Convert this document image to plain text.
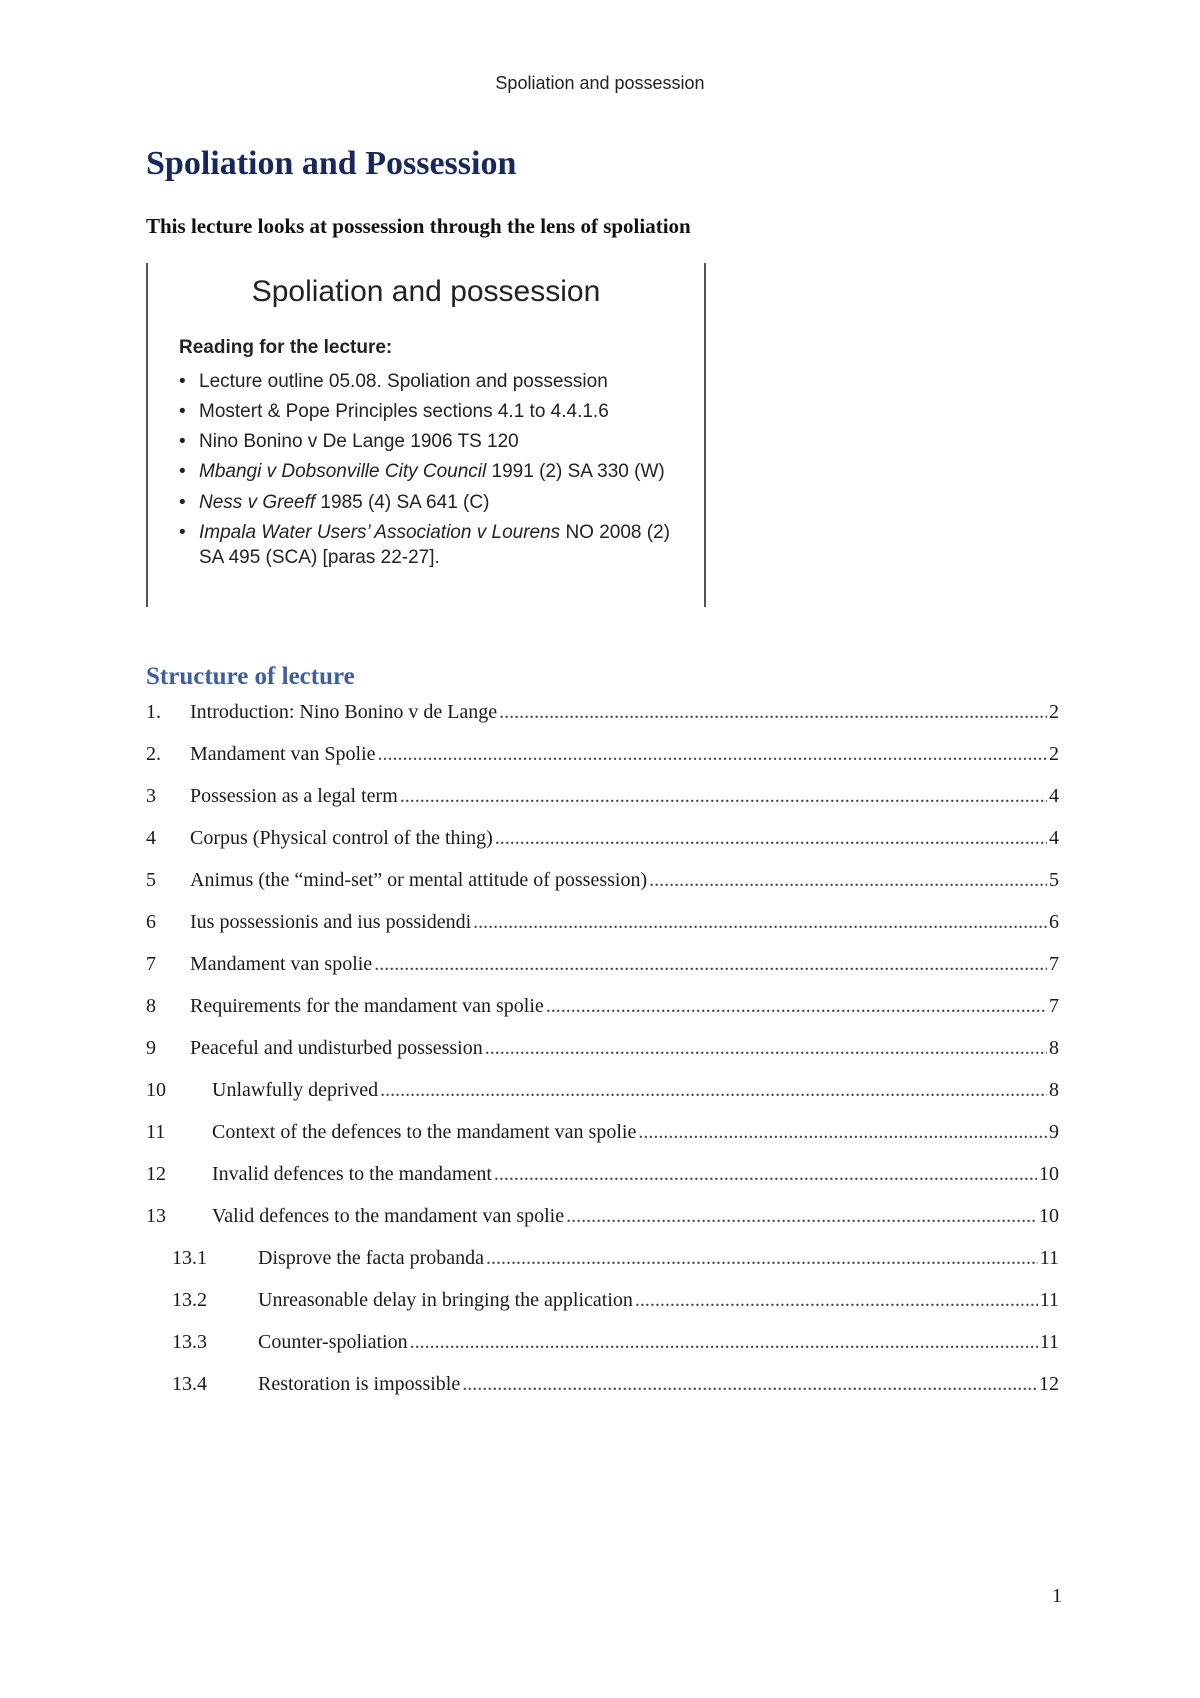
Spoliation and possession
Spoliation and Possession

This lecture looks at possession through the lens of spoliation

Spoliation and possession
Reading for the lecture:
• Lecture outline 05.08. Spoliation and possession
• Mostert & Pope Principles sections 4.1 to 4.4.1.6
• Nino Bonino v De Lange 1906 TS 120
• Mbangi v Dobsonville City Council 1991 (2) SA 330 (W)
• Ness v Greeff 1985 (4) SA 641 (C)
• Impala Water Users’ Association v Lourens NO 2008 (2) SA 495 (SCA) [paras 22-27].
Structure of lecture
1.	Introduction: Nino Bonino v de Lange .....	2
2.	Mandament van Spolie .....	2
3	Possession as a legal term .....	4
4	Corpus (Physical control of the thing) .....	4
5	Animus (the “mind-set” or mental attitude of possession) .....	5
6	Ius possessionis and ius possidendi .....	6
7	Mandament van spolie .....	7
8	Requirements for the mandament van spolie .....	7
9	Peaceful and undisturbed possession .....	8
10	Unlawfully deprived .....	8
11	Context of the defences to the mandament van spolie .....	9
12	Invalid defences to the mandament .....	10
13	Valid defences to the mandament van spolie .....	10
13.1	Disprove the facta probanda .....	11
13.2	Unreasonable delay in bringing the application .....	11
13.3	Counter-spoliation .....	11
13.4	Restoration is impossible .....	12
1
